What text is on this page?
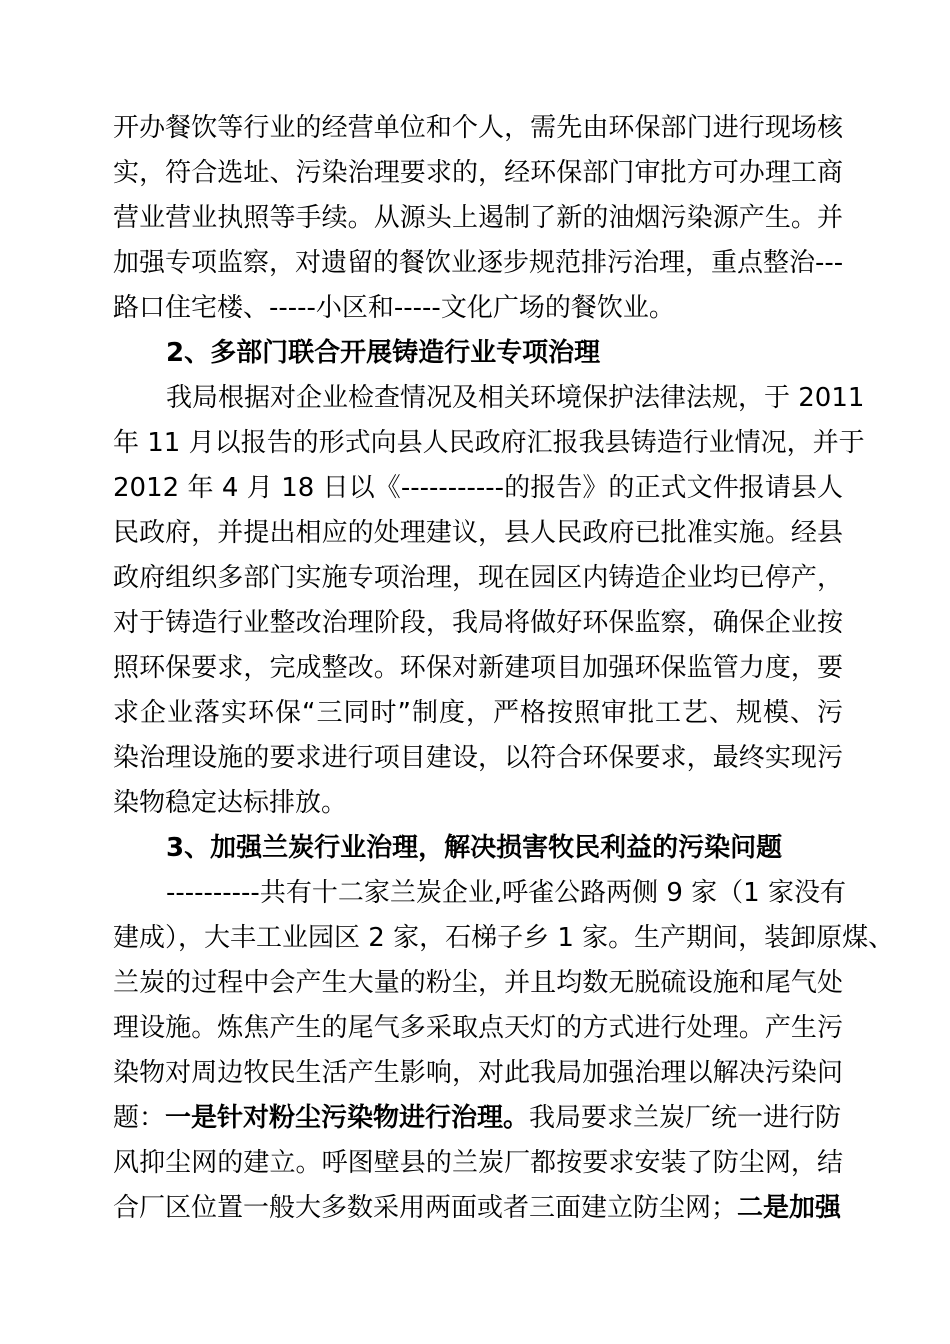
开办餐饮等行业的经营单位和个人，需先由环保部门进行现场核
实，符合选址、污染治理要求的，经环保部门审批方可办理工商
营业营业执照等手续。从源头上遏制了新的油烟污染源产生。并
加强专项监察，对遗留的餐饮业逐步规范排污治理，重点整治---
路口住宅楼、-----小区和-----文化广场的餐饮业。
2、多部门联合开展铸造行业专项治理
我局根据对企业检查情况及相关环境保护法律法规，于 2011
年 11 月以报告的形式向县人民政府汇报我县铸造行业情况，并于
2012 年 4 月 18 日以《-----------的报告》的正式文件报请县人
民政府，并提出相应的处理建议，县人民政府已批准实施。经县
政府组织多部门实施专项治理，现在园区内铸造企业均已停产，
对于铸造行业整改治理阶段，我局将做好环保监察，确保企业按
照环保要求，完成整改。环保对新建项目加强环保监管力度，要
求企业落实环保“三同时”制度，严格按照审批工艺、规模、污
染治理设施的要求进行项目建设，以符合环保要求，最终实现污
染物稳定达标排放。
3、加强兰炭行业治理，解决损害牧民利益的污染问题
----------共有十二家兰炭企业,呼雀公路两侧 9 家（1 家没有
建成），大丰工业园区 2 家，石梯子乡 1 家。生产期间，装卸原煤、
兰炭的过程中会产生大量的粉尘，并且均数无脱硫设施和尾气处
理设施。炼焦产生的尾气多采取点天灯的方式进行处理。产生污
染物对周边牧民生活产生影响，对此我局加强治理以解决污染问
题：一是针对粉尘污染物进行治理。我局要求兰炭厂统一进行防
风抑尘网的建立。呼图壁县的兰炭厂都按要求安装了防尘网，结
合厂区位置一般大多数采用两面或者三面建立防尘网；二是加强
